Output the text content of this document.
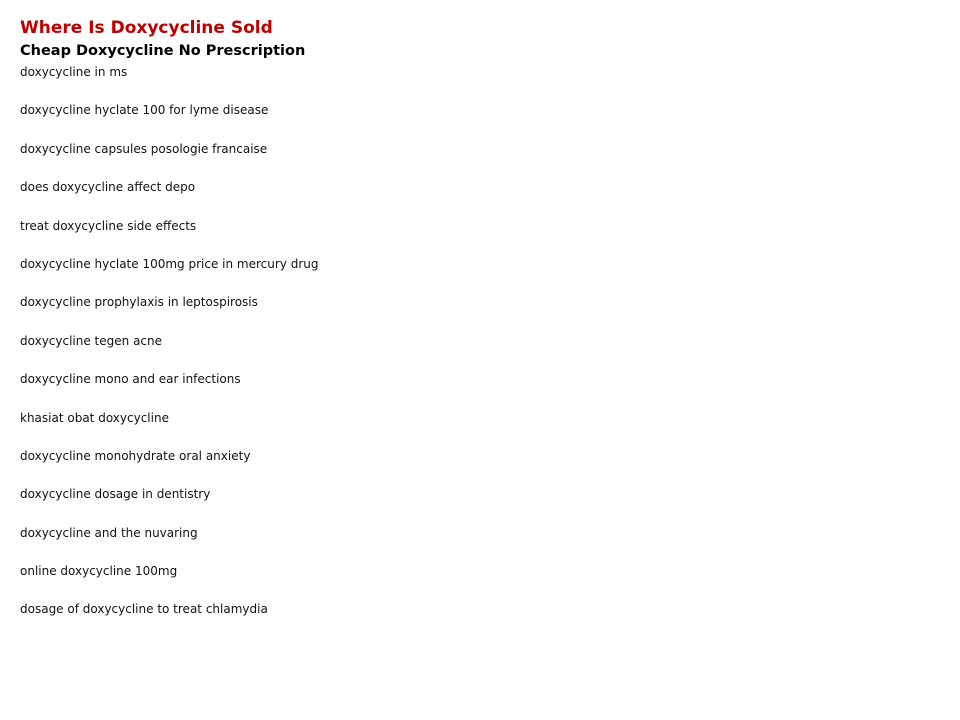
Where Is Doxycycline Sold
Cheap Doxycycline No Prescription
doxycycline in ms
doxycycline hyclate 100 for lyme disease
doxycycline capsules posologie francaise
does doxycycline affect depo
treat doxycycline side effects
doxycycline hyclate 100mg price in mercury drug
doxycycline prophylaxis in leptospirosis
doxycycline tegen acne
doxycycline mono and ear infections
khasiat obat doxycycline
doxycycline monohydrate oral anxiety
doxycycline dosage in dentistry
doxycycline and the nuvaring
online doxycycline 100mg
dosage of doxycycline to treat chlamydia
